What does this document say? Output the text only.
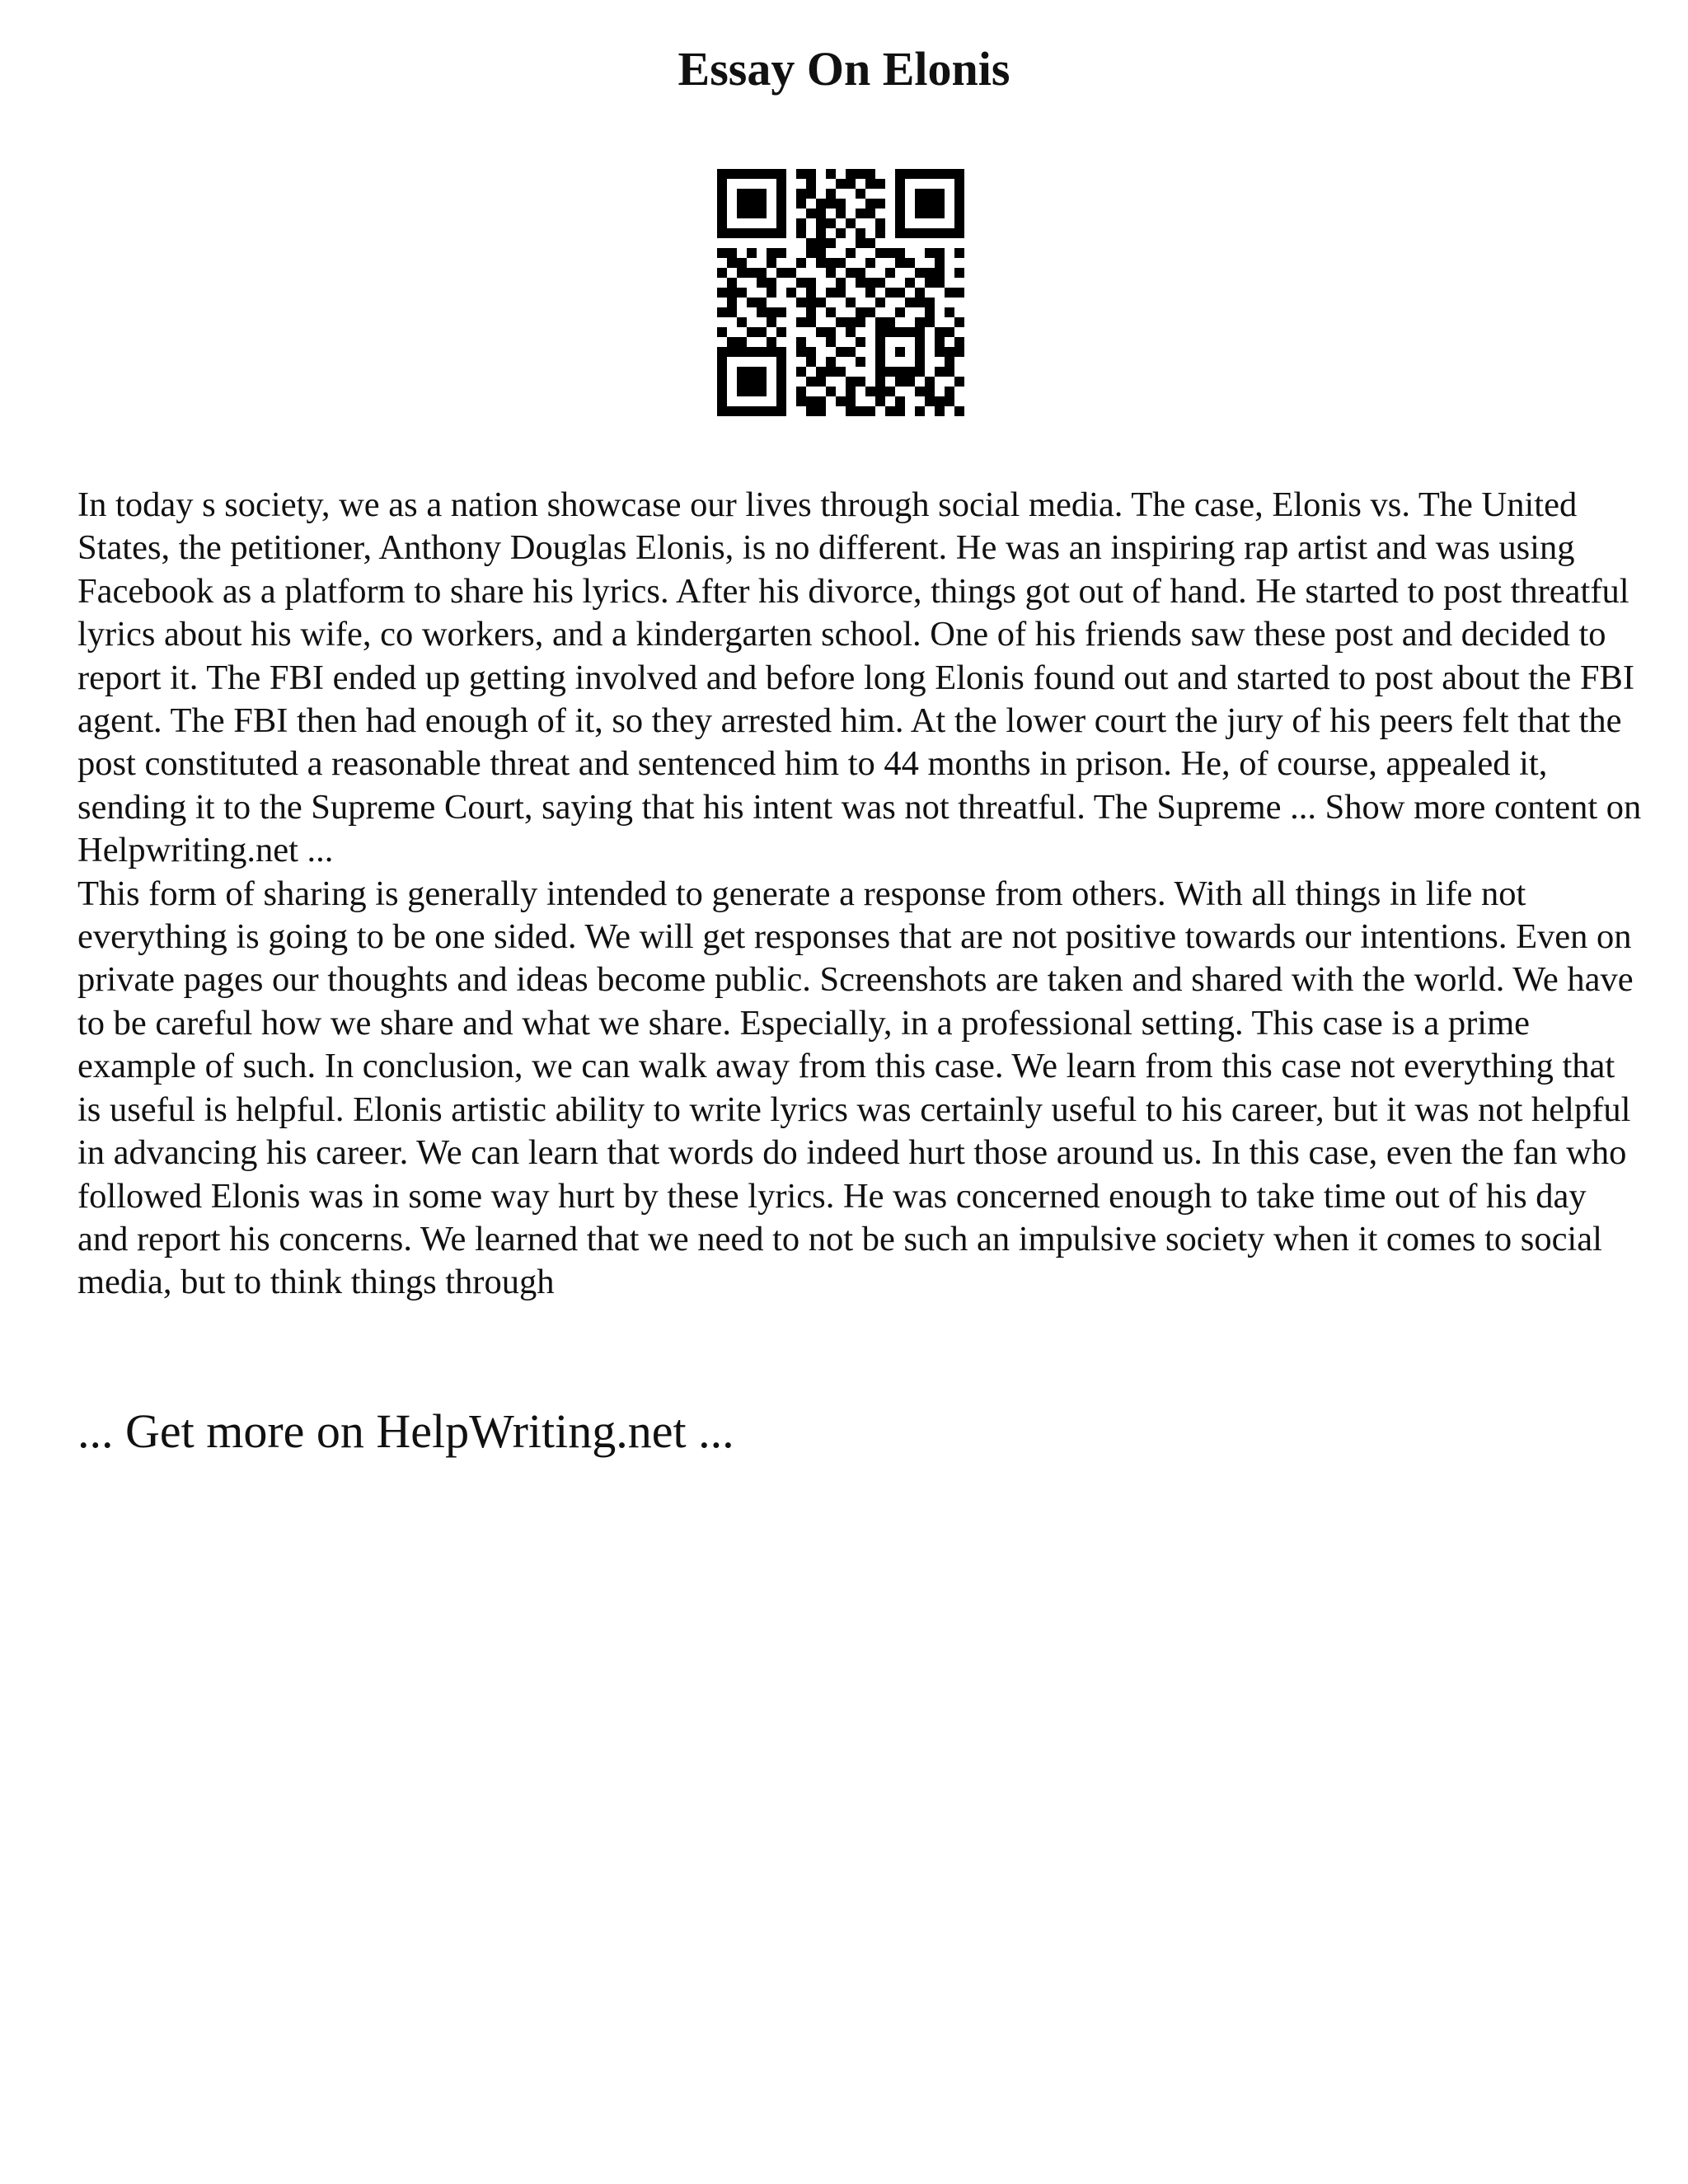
Essay On Elonis

In today s society, we as a nation showcase our lives through social media. The case, Elonis vs. The United States, the petitioner, Anthony Douglas Elonis, is no different. He was an inspiring rap artist and was using Facebook as a platform to share his lyrics. After his divorce, things got out of hand. He started to post threatful lyrics about his wife, co workers, and a kindergarten school. One of his friends saw these post and decided to report it. The FBI ended up getting involved and before long Elonis found out and started to post about the FBI agent. The FBI then had enough of it, so they arrested him. At the lower court the jury of his peers felt that the post constituted a reasonable threat and sentenced him to 44 months in prison. He, of course, appealed it, sending it to the Supreme Court, saying that his intent was not threatful. The Supreme ... Show more content on Helpwriting.net ...

This form of sharing is generally intended to generate a response from others. With all things in life not everything is going to be one sided. We will get responses that are not positive towards our intentions. Even on private pages our thoughts and ideas become public. Screenshots are taken and shared with the world. We have to be careful how we share and what we share. Especially, in a professional setting. This case is a prime example of such. In conclusion, we can walk away from this case. We learn from this case not everything that is useful is helpful. Elonis artistic ability to write lyrics was certainly useful to his career, but it was not helpful in advancing his career. We can learn that words do indeed hurt those around us. In this case, even the fan who followed Elonis was in some way hurt by these lyrics. He was concerned enough to take time out of his day and report his concerns. We learned that we need to not be such an impulsive society when it comes to social media, but to think things through

... Get more on HelpWriting.net ...
